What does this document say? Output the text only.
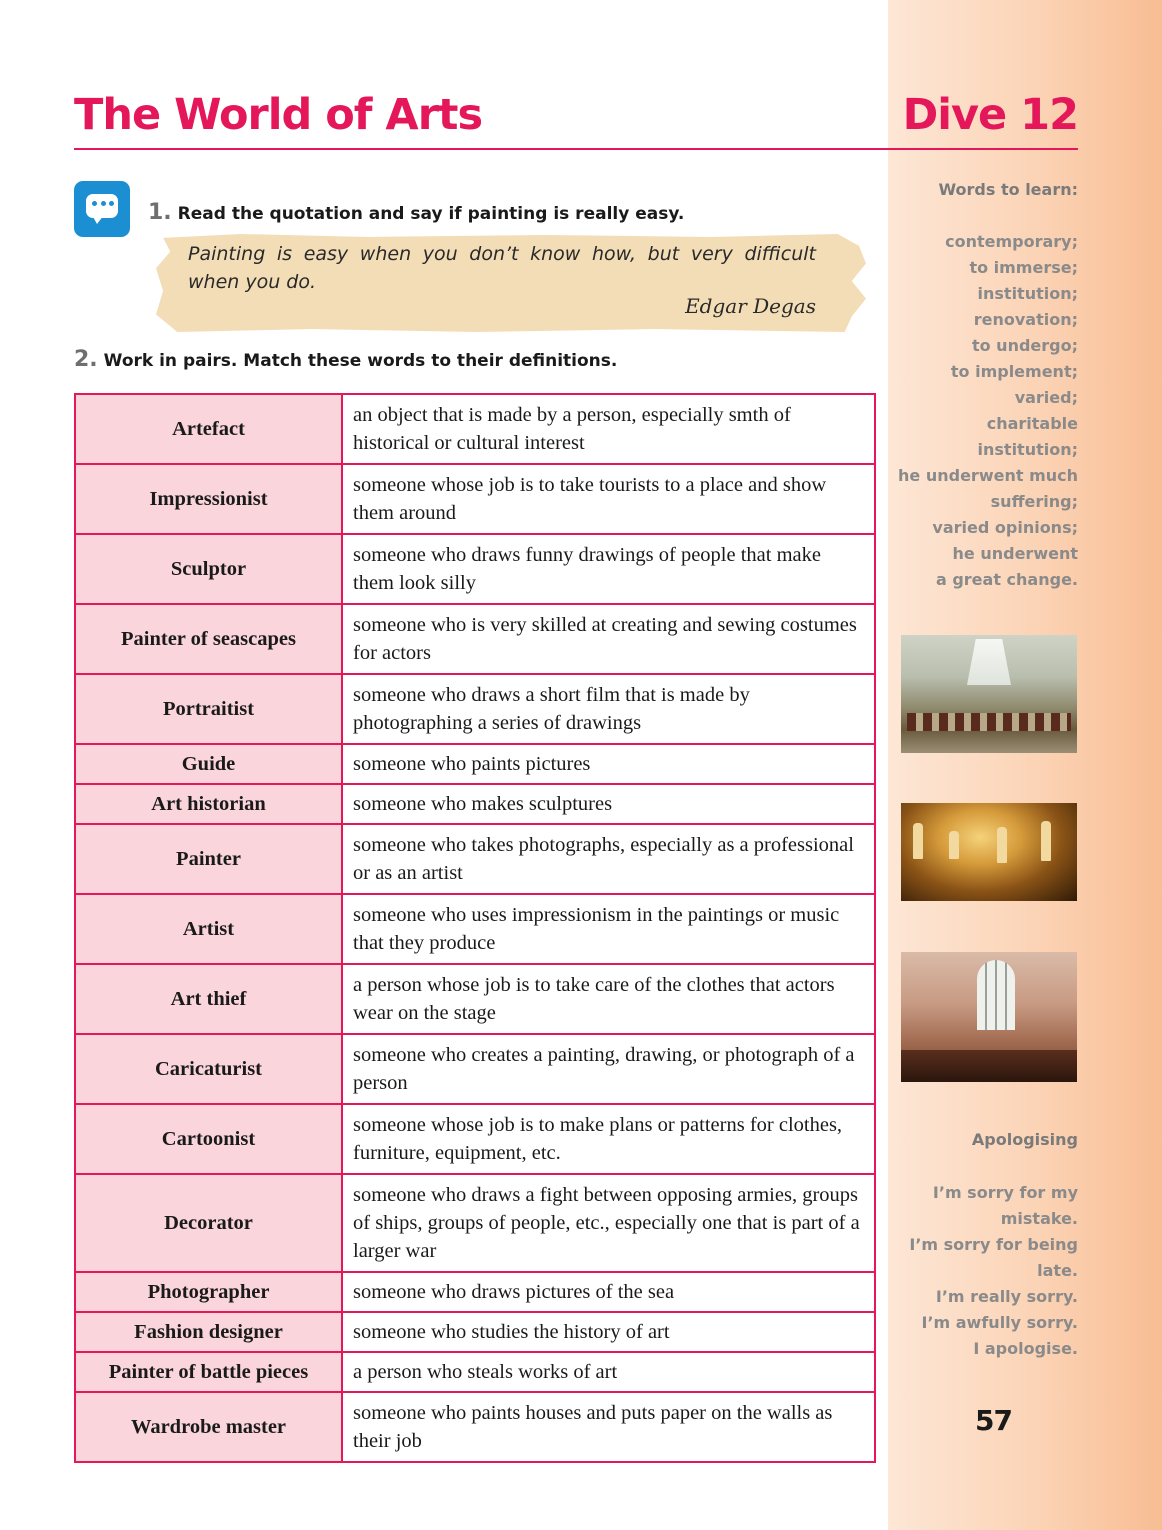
The World of Arts	Dive 12
1. Read the quotation and say if painting is really easy.
Painting is easy when you don’t know how, but very difficult when you do.
Edgar Degas
2. Work in pairs. Match these words to their definitions.
Artefact	an object that is made by a person, especially smth of historical or cultural interest
Impressionist	someone whose job is to take tourists to a place and show them around
Sculptor	someone who draws funny drawings of people that make them look silly
Painter of seascapes	someone who is very skilled at creating and sewing costumes for actors
Portraitist	someone who draws a short film that is made by photographing a series of drawings
Guide	someone who paints pictures
Art historian	someone who makes sculptures
Painter	someone who takes photographs, especially as a professional or as an artist
Artist	someone who uses impressionism in the paintings or music that they produce
Art thief	a person whose job is to take care of the clothes that actors wear on the stage
Caricaturist	someone who creates a painting, drawing, or photograph of a person
Cartoonist	someone whose job is to make plans or patterns for clothes, furniture, equipment, etc.
Decorator	someone who draws a fight between opposing armies, groups of ships, groups of people, etc., especially one that is part of a larger war
Photographer	someone who draws pictures of the sea
Fashion designer	someone who studies the history of art
Painter of battle pieces	a person who steals works of art
Wardrobe master	someone who paints houses and puts paper on the walls as their job
Words to learn:
contemporary;
to immerse;
institution;
renovation;
to undergo;
to implement;
varied;
charitable
institution;
he underwent much
suffering;
varied opinions;
he underwent
a great change.
Apologising
I’m sorry for my
mistake.
I’m sorry for being
late.
I’m really sorry.
I’m awfully sorry.
I apologise.
57
